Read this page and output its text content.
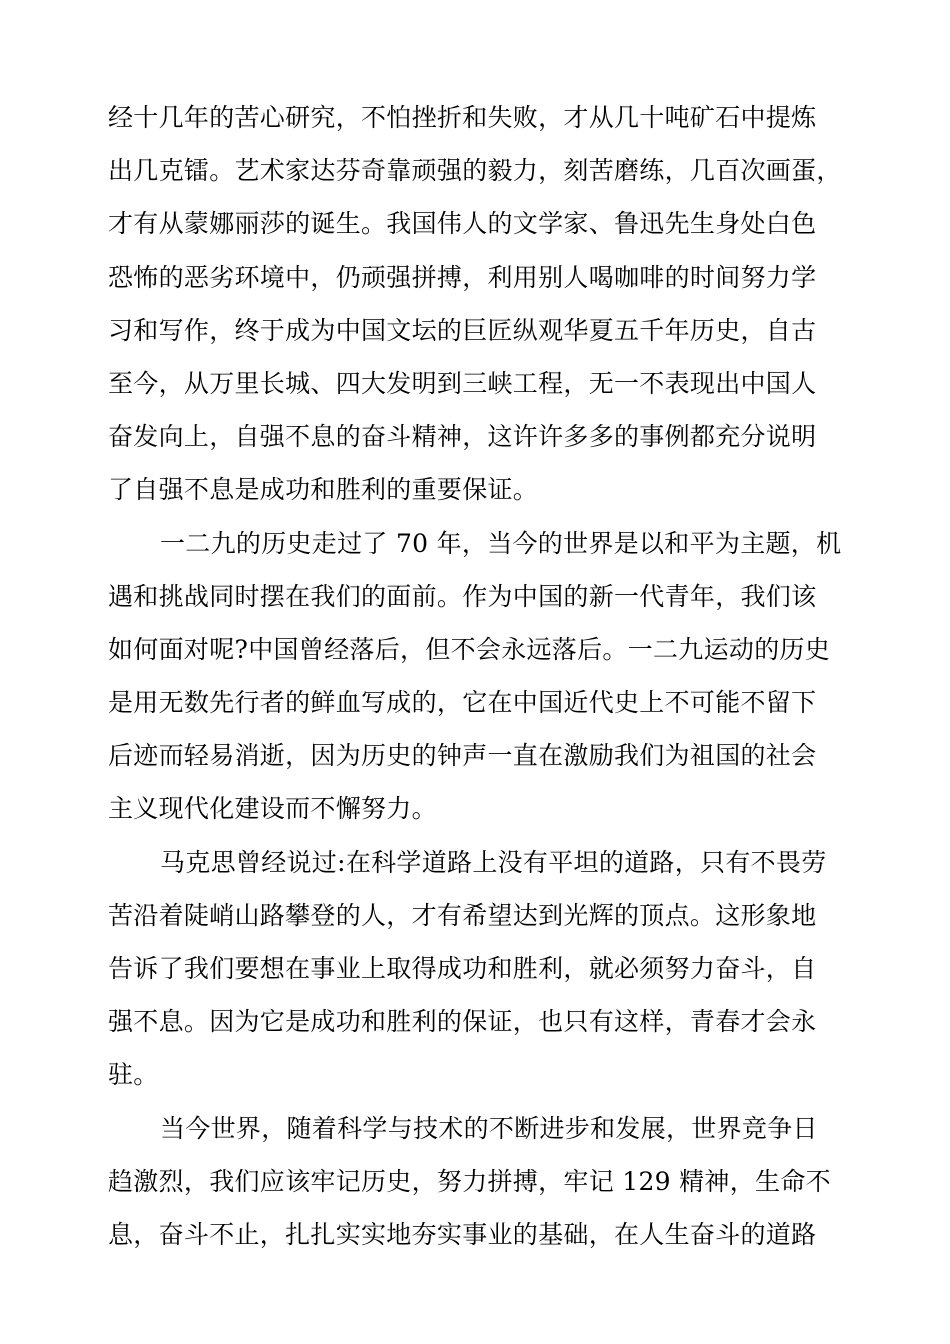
经十几年的苦心研究，不怕挫折和失败，才从几十吨矿石中提炼
出几克镭。艺术家达芬奇靠顽强的毅力，刻苦磨练，几百次画蛋，
才有从蒙娜丽莎的诞生。我国伟人的文学家、鲁迅先生身处白色
恐怖的恶劣环境中，仍顽强拼搏，利用别人喝咖啡的时间努力学
习和写作，终于成为中国文坛的巨匠纵观华夏五千年历史，自古
至今，从万里长城、四大发明到三峡工程，无一不表现出中国人
奋发向上，自强不息的奋斗精神，这许许多多的事例都充分说明
了自强不息是成功和胜利的重要保证。
一二九的历史走过了 70 年，当今的世界是以和平为主题，机
遇和挑战同时摆在我们的面前。作为中国的新一代青年，我们该
如何面对呢?中国曾经落后，但不会永远落后。一二九运动的历史
是用无数先行者的鲜血写成的，它在中国近代史上不可能不留下
后迹而轻易消逝，因为历史的钟声一直在激励我们为祖国的社会
主义现代化建设而不懈努力。
马克思曾经说过:在科学道路上没有平坦的道路，只有不畏劳
苦沿着陡峭山路攀登的人，才有希望达到光辉的顶点。这形象地
告诉了我们要想在事业上取得成功和胜利，就必须努力奋斗，自
强不息。因为它是成功和胜利的保证，也只有这样，青春才会永
驻。
当今世界，随着科学与技术的不断进步和发展，世界竞争日
趋激烈，我们应该牢记历史，努力拼搏，牢记 129 精神，生命不
息，奋斗不止，扎扎实实地夯实事业的基础，在人生奋斗的道路
